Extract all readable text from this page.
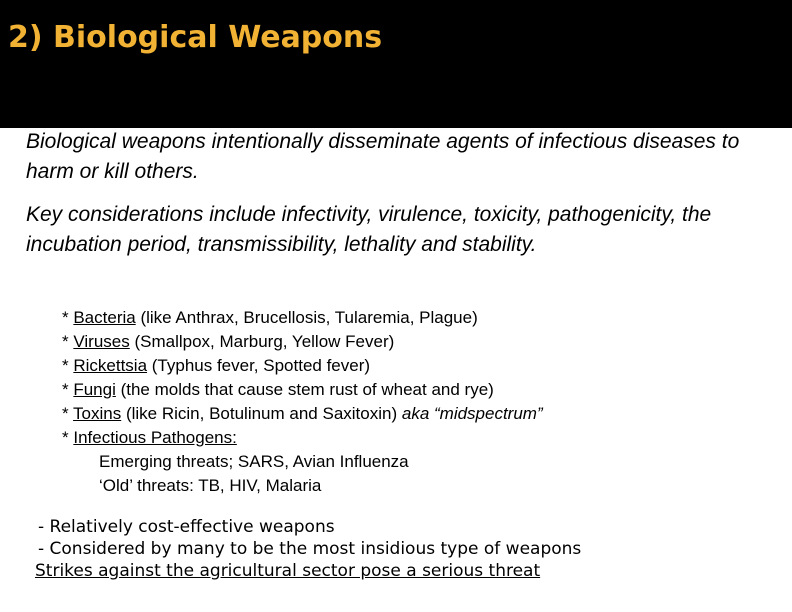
2) Biological Weapons
Biological weapons intentionally disseminate agents of infectious diseases to harm or kill others.
Key considerations include infectivity, virulence, toxicity, pathogenicity, the incubation period, transmissibility, lethality and stability.
* Bacteria (like Anthrax, Brucellosis, Tularemia, Plague)
* Viruses (Smallpox, Marburg, Yellow Fever)
* Rickettsia (Typhus fever, Spotted fever)
* Fungi (the molds that cause stem rust of wheat and rye)
* Toxins (like Ricin, Botulinum and Saxitoxin) aka “midspectrum”
* Infectious Pathogens:
Emerging threats; SARS, Avian Influenza
‘Old’ threats: TB, HIV, Malaria
- Relatively cost-effective weapons
- Considered by many to be the most insidious type of weapons
Strikes against the agricultural sector pose a serious threat
